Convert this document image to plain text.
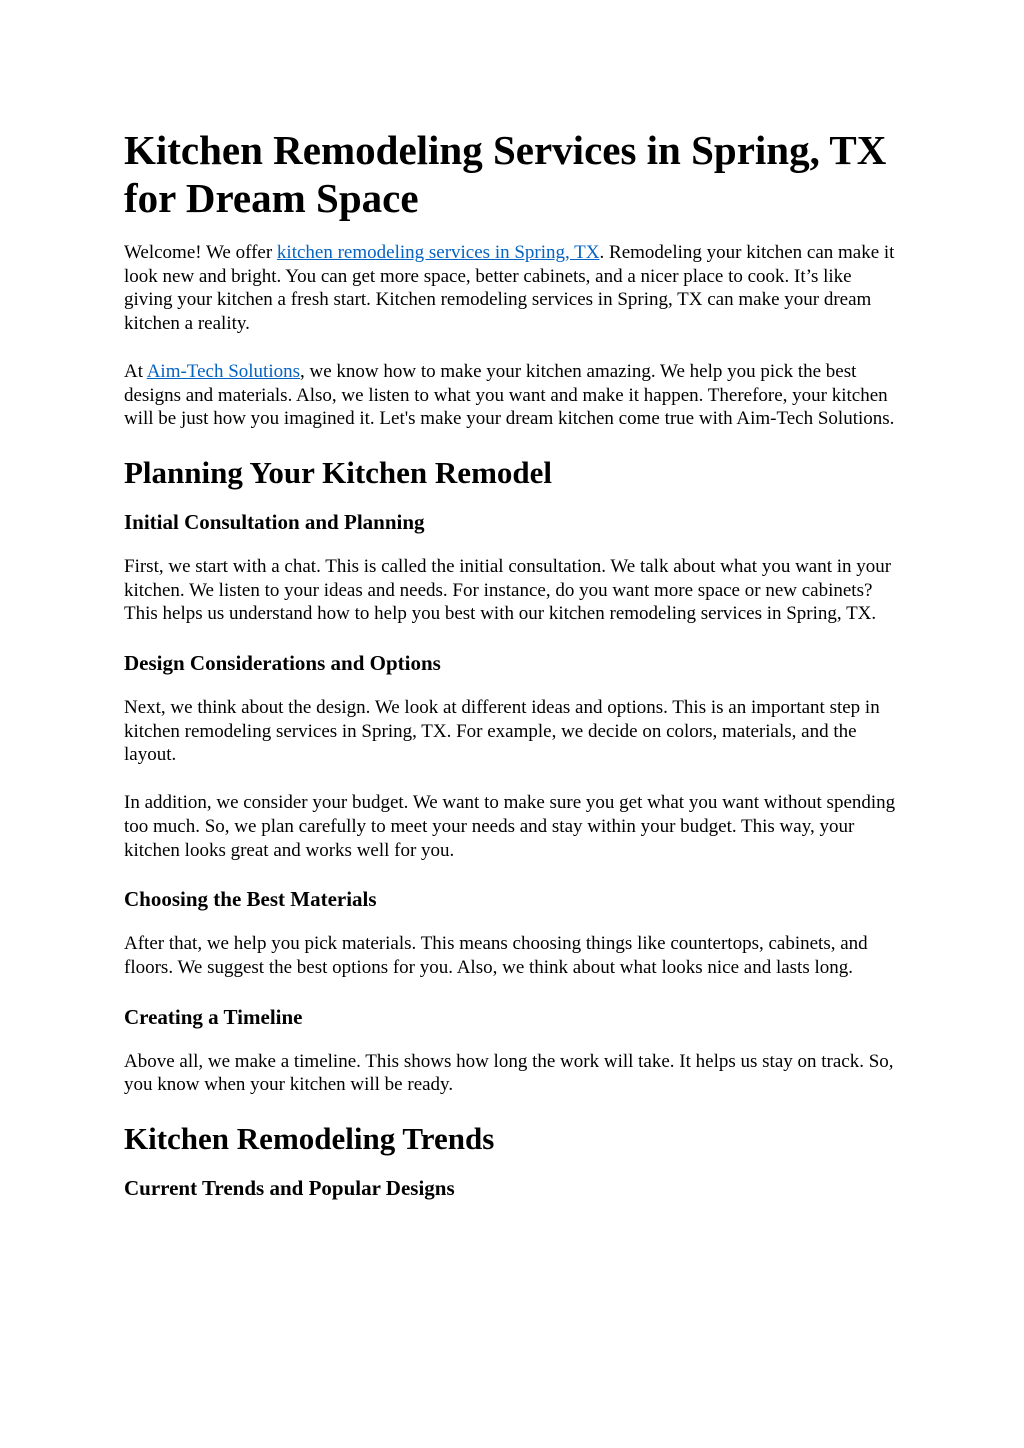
Kitchen Remodeling Services in Spring, TX for Dream Space

Welcome! We offer kitchen remodeling services in Spring, TX. Remodeling your kitchen can make it look new and bright. You can get more space, better cabinets, and a nicer place to cook. It’s like giving your kitchen a fresh start. Kitchen remodeling services in Spring, TX can make your dream kitchen a reality.

At Aim-Tech Solutions, we know how to make your kitchen amazing. We help you pick the best designs and materials. Also, we listen to what you want and make it happen. Therefore, your kitchen will be just how you imagined it. Let's make your dream kitchen come true with Aim-Tech Solutions.

Planning Your Kitchen Remodel
Initial Consultation and Planning

First, we start with a chat. This is called the initial consultation. We talk about what you want in your kitchen. We listen to your ideas and needs. For instance, do you want more space or new cabinets? This helps us understand how to help you best with our kitchen remodeling services in Spring, TX.

Design Considerations and Options

Next, we think about the design. We look at different ideas and options. This is an important step in kitchen remodeling services in Spring, TX. For example, we decide on colors, materials, and the layout.

In addition, we consider your budget. We want to make sure you get what you want without spending too much. So, we plan carefully to meet your needs and stay within your budget. This way, your kitchen looks great and works well for you.

Choosing the Best Materials

After that, we help you pick materials. This means choosing things like countertops, cabinets, and floors. We suggest the best options for you. Also, we think about what looks nice and lasts long.

Creating a Timeline

Above all, we make a timeline. This shows how long the work will take. It helps us stay on track. So, you know when your kitchen will be ready.

Kitchen Remodeling Trends
Current Trends and Popular Designs
